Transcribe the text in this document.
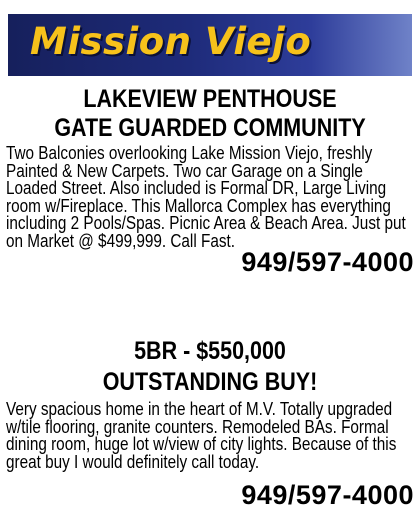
Mission Viejo
LAKEVIEW PENTHOUSE
GATE GUARDED COMMUNITY
Two Balconies overlooking Lake Mission Viejo, freshly Painted & New Carpets. Two car Garage on a Single Loaded Street. Also included is Formal DR, Large Living room w/Fireplace. This Mallorca Complex has everything including 2 Pools/Spas. Picnic Area & Beach Area. Just put on Market @ $499,999. Call Fast.
949/597-4000
5BR - $550,000
OUTSTANDING BUY!
Very spacious home in the heart of M.V. Totally upgraded w/tile flooring, granite counters. Remodeled BAs. Formal dining room, huge lot w/view of city lights. Because of this great buy I would definitely call today.
949/597-4000
